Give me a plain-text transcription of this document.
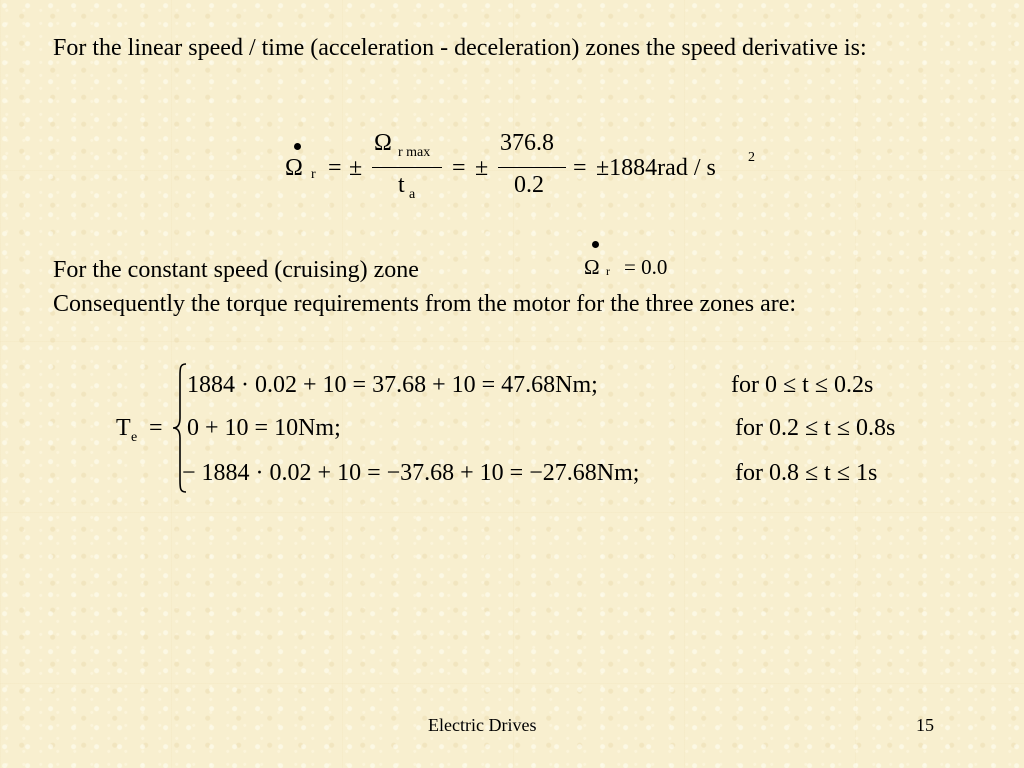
For the linear speed / time (acceleration - deceleration) zones the speed derivative is:
Ω r = ±
Ω r max
t a
= ±
376.8
0.2
= ±1884rad / s 2
For the constant speed (cruising) zone	Ω r = 0.0
Consequently the torque requirements from the motor for the three zones are:
T e =
1884 · 0.02 + 10 = 37.68 + 10 = 47.68Nm;	for 0 ≤ t ≤ 0.2s
0 + 10 = 10Nm;	for 0.2 ≤ t ≤ 0.8s
− 1884 · 0.02 + 10 = −37.68 + 10 = −27.68Nm;	for 0.8 ≤ t ≤ 1s
Electric Drives	15
